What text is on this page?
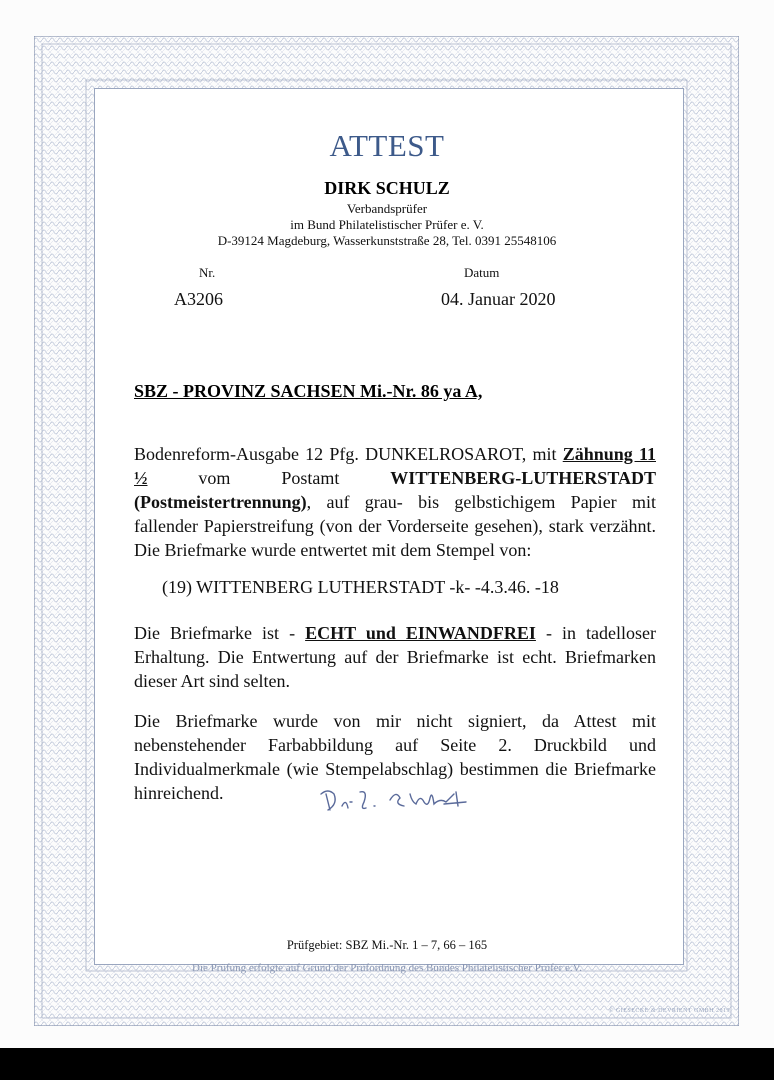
ATTEST
DIRK SCHULZ
Verbandsprüfer
im Bund Philatelistischer Prüfer e. V.
D-39124 Magdeburg, Wasserkunststraße 28, Tel. 0391 25548106
Nr.
A3206
Datum
04. Januar 2020
SBZ - PROVINZ SACHSEN Mi.-Nr. 86 ya A,
Bodenreform-Ausgabe 12 Pfg. DUNKELROSAROT, mit Zähnung 11 ½ vom Postamt WITTENBERG-LUTHERSTADT (Postmeistertrennung), auf grau- bis gelbstichigem Papier mit fallender Papierstreifung (von der Vorderseite gesehen), stark verzähnt. Die Briefmarke wurde entwertet mit dem Stempel von:
(19) WITTENBERG LUTHERSTADT -k- -4.3.46. -18
Die Briefmarke ist - ECHT und EINWANDFREI - in tadelloser Erhaltung. Die Entwertung auf der Briefmarke ist echt. Briefmarken dieser Art sind selten.
Die Briefmarke wurde von mir nicht signiert, da Attest mit nebenstehender Farbabbildung auf Seite 2. Druckbild und Individualmerkmale (wie Stempelabschlag) bestimmen die Briefmarke hinreichend.
Prüfgebiet: SBZ Mi.-Nr. 1 – 7, 66 – 165
Die Prüfung erfolgte auf Grund der Prüfordnung des Bundes Philatelistischer Prüfer e.V.
© GIESECKE & DEVRIENT GMBH 2019
